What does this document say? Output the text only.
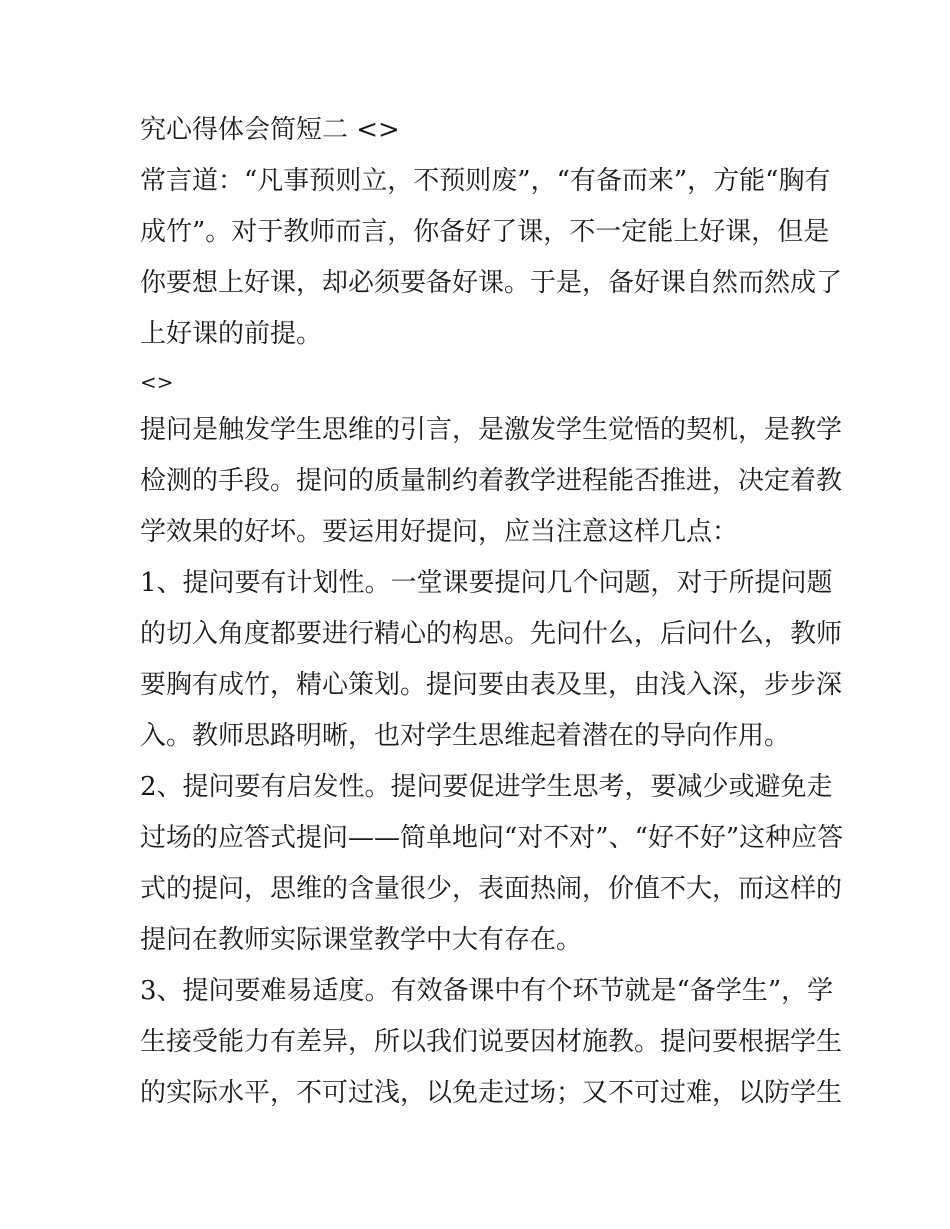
究心得体会简短二 <>
常言道：“凡事预则立，不预则废”，“有备而来”，方能“胸有
成竹”。对于教师而言，你备好了课，不一定能上好课，但是
你要想上好课，却必须要备好课。于是，备好课自然而然成了
上好课的前提。
<>
提问是触发学生思维的引言，是激发学生觉悟的契机，是教学
检测的手段。提问的质量制约着教学进程能否推进，决定着教
学效果的好坏。要运用好提问，应当注意这样几点：
1、提问要有计划性。一堂课要提问几个问题，对于所提问题
的切入角度都要进行精心的构思。先问什么，后问什么，教师
要胸有成竹，精心策划。提问要由表及里，由浅入深，步步深
入。教师思路明晰，也对学生思维起着潜在的导向作用。
2、提问要有启发性。提问要促进学生思考，要减少或避免走
过场的应答式提问——简单地问“对不对”、“好不好”这种应答
式的提问，思维的含量很少，表面热闹，价值不大，而这样的
提问在教师实际课堂教学中大有存在。
3、提问要难易适度。有效备课中有个环节就是“备学生”，学
生接受能力有差异，所以我们说要因材施教。提问要根据学生
的实际水平，不可过浅，以免走过场；又不可过难，以防学生
